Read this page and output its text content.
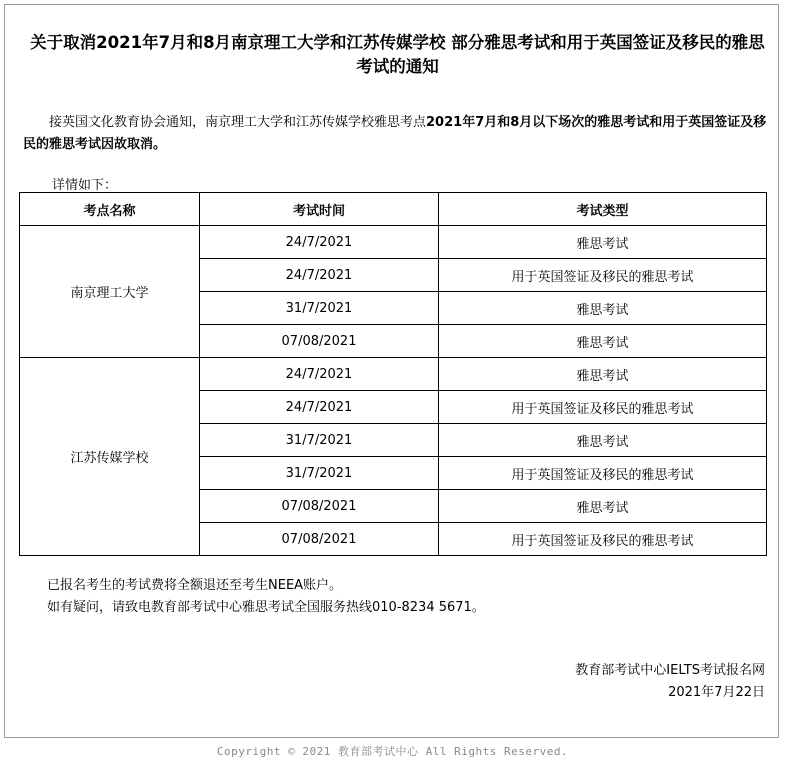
关于取消2021年7月和8月南京理工大学和江苏传媒学校 部分雅思考试和用于英国签证及移民的雅思考试的通知
接英国文化教育协会通知，南京理工大学和江苏传媒学校雅思考点2021年7月和8月以下场次的雅思考试和用于英国签证及移民的雅思考试因故取消。
详情如下：
考点名称	考试时间	考试类型
南京理工大学	24/7/2021	雅思考试
	24/7/2021	用于英国签证及移民的雅思考试
	31/7/2021	雅思考试
	07/08/2021	雅思考试
江苏传媒学校	24/7/2021	雅思考试
	24/7/2021	用于英国签证及移民的雅思考试
	31/7/2021	雅思考试
	31/7/2021	用于英国签证及移民的雅思考试
	07/08/2021	雅思考试
	07/08/2021	用于英国签证及移民的雅思考试
已报名考生的考试费将全额退还至考生NEEA账户。
如有疑问，请致电教育部考试中心雅思考试全国服务热线010-8234 5671。
教育部考试中心IELTS考试报名网
2021年7月22日
Copyright © 2021 教育部考试中心 All Rights Reserved.
